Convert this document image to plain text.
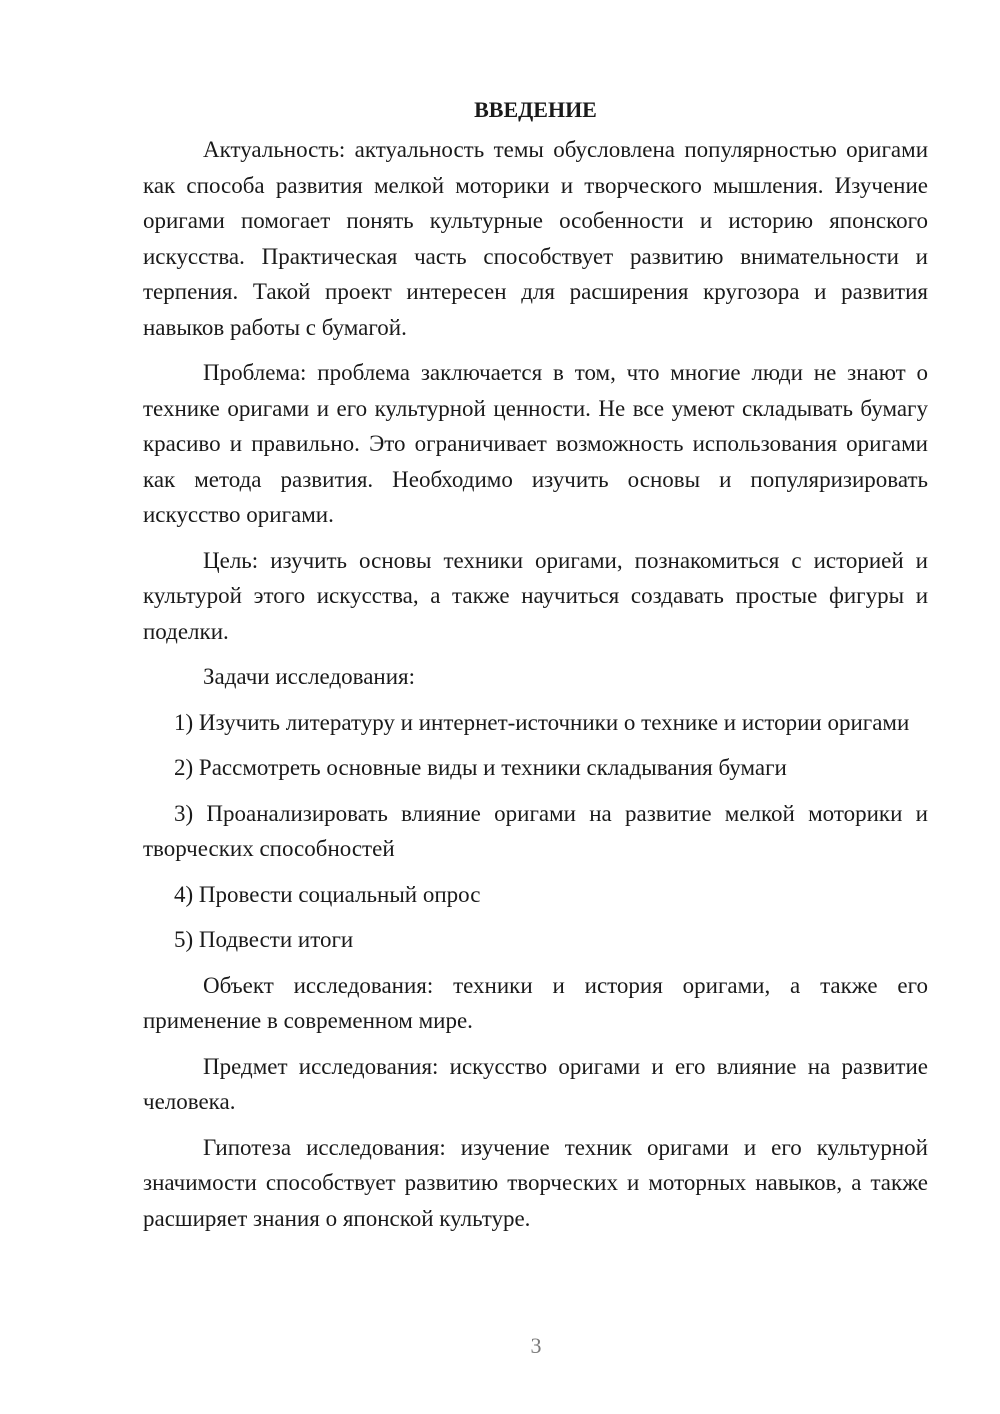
ВВЕДЕНИЕ

Актуальность: актуальность темы обусловлена популярностью оригами как способа развития мелкой моторики и творческого мышления. Изучение оригами помогает понять культурные особенности и историю японского искусства. Практическая часть способствует развитию внимательности и терпения. Такой проект интересен для расширения кругозора и развития навыков работы с бумагой.

Проблема: проблема заключается в том, что многие люди не знают о технике оригами и его культурной ценности. Не все умеют складывать бумагу красиво и правильно. Это ограничивает возможность использования оригами как метода развития. Необходимо изучить основы и популяризировать искусство оригами.

Цель: изучить основы техники оригами, познакомиться с историей и культурой этого искусства, а также научиться создавать простые фигуры и поделки.

Задачи исследования:

1) Изучить литературу и интернет-источники о технике и истории оригами

2) Рассмотреть основные виды и техники складывания бумаги

3) Проанализировать влияние оригами на развитие мелкой моторики и творческих способностей

4) Провести социальный опрос

5) Подвести итоги

Объект исследования: техники и история оригами, а также его применение в современном мире.

Предмет исследования: искусство оригами и его влияние на развитие человека.

Гипотеза исследования: изучение техник оригами и его культурной значимости способствует развитию творческих и моторных навыков, а также расширяет знания о японской культуре.

3
